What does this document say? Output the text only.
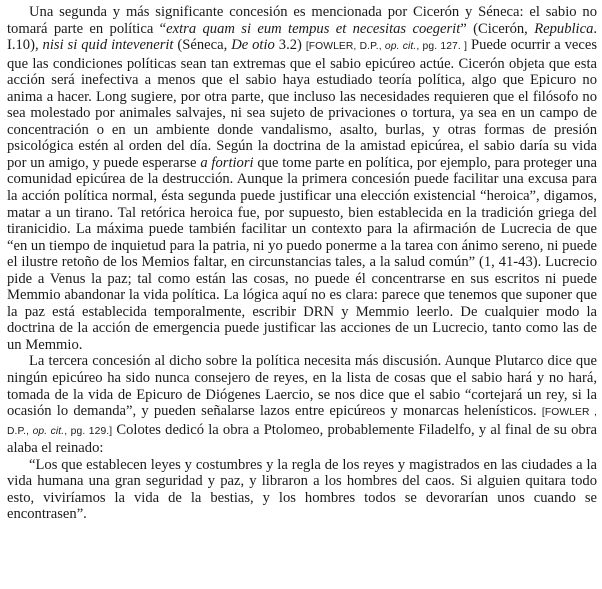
Una segunda y más significante concesión es mencionada por Cicerón y Séneca: el sabio no tomará parte en política “extra quam si eum tempus et necesitas coegerit” (Cicerón, Republica. I.10), nisi si quid intevenerit (Séneca, De otio 3.2) [FOWLER, D.P., op. cit., pg. 127. ] Puede ocurrir a veces que las condiciones políticas sean tan extremas que el sabio epicúreo actúe. Cicerón objeta que esta acción será inefectiva a menos que el sabio haya estudiado teoría política, algo que Epicuro no anima a hacer. Long sugiere, por otra parte, que incluso las necesidades requieren que el filósofo no sea molestado por animales salvajes, ni sea sujeto de privaciones o tortura, ya sea en un campo de concentración o en un ambiente donde vandalismo, asalto, burlas, y otras formas de presión psicológica estén al orden del día. Según la doctrina de la amistad epicúrea, el sabio daría su vida por un amigo, y puede esperarse a fortiori que tome parte en política, por ejemplo, para proteger una comunidad epicúrea de la destrucción. Aunque la primera concesión puede facilitar una excusa para la acción política normal, ésta segunda puede justificar una elección existencial “heroica”, digamos, matar a un tirano. Tal retórica heroica fue, por supuesto, bien establecida en la tradición griega del tiranicidio. La máxima puede también facilitar un contexto para la afirmación de Lucrecia de que “en un tiempo de inquietud para la patria, ni yo puedo ponerme a la tarea con ánimo sereno, ni puede el ilustre retoño de los Memios faltar, en circunstancias tales, a la salud común” (1, 41-43). Lucrecio pide a Venus la paz; tal como están las cosas, no puede él concentrarse en sus escritos ni puede Memmio abandonar la vida política. La lógica aquí no es clara: parece que tenemos que suponer que la paz está establecida temporalmente, escribir DRN y Memmio leerlo. De cualquier modo la doctrina de la acción de emergencia puede justificar las acciones de un Lucrecio, tanto como las de un Memmio.

La tercera concesión al dicho sobre la política necesita más discusión. Aunque Plutarco dice que ningún epicúreo ha sido nunca consejero de reyes, en la lista de cosas que el sabio hará y no hará, tomada de la vida de Epicuro de Diógenes Laercio, se nos dice que el sabio “cortejará un rey, si la ocasión lo demanda”, y pueden señalarse lazos entre epicúreos y monarcas helenísticos. [FOWLER , D.P., op. cit., pg. 129.] Colotes dedicó la obra a Ptolomeo, probablemente Filadelfo, y al final de su obra alaba el reinado:

“Los que establecen leyes y costumbres y la regla de los reyes y magistrados en las ciudades a la vida humana una gran seguridad y paz, y libraron a los hombres del caos. Si alguien quitara todo esto, viviríamos la vida de la bestias, y los hombres todos se devorarían unos cuando se encontrasen”.
